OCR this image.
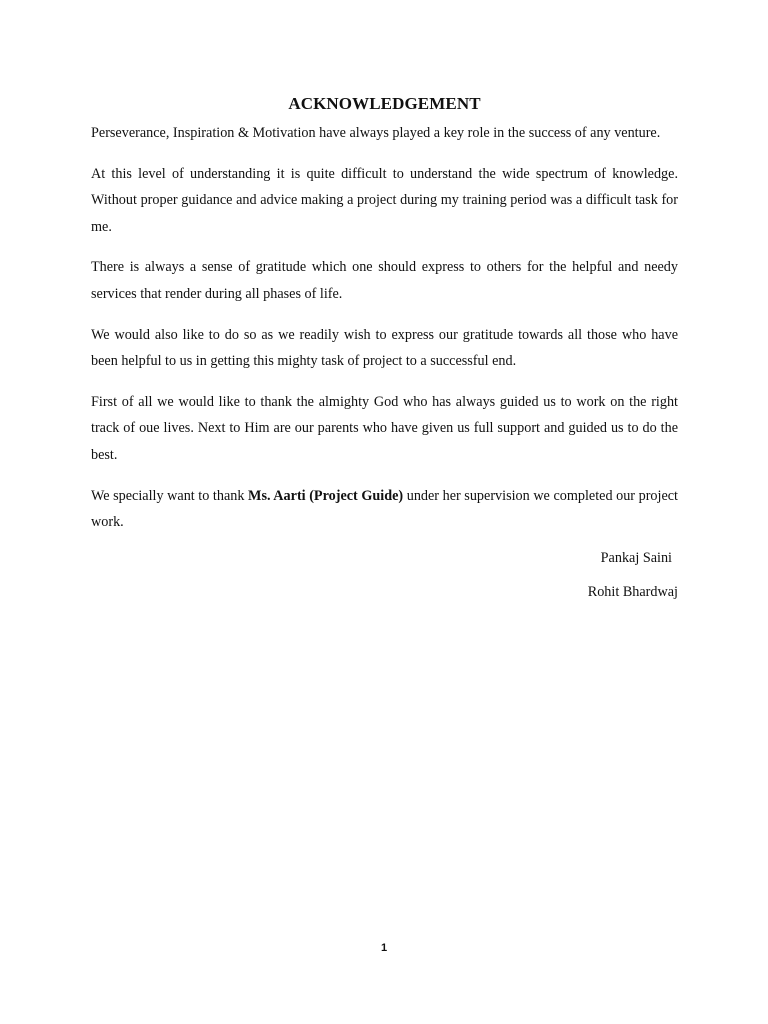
ACKNOWLEDGEMENT

Perseverance, Inspiration & Motivation have always played a key role in the success of any venture.

At this level of understanding it is quite difficult to understand the wide spectrum of knowledge. Without proper guidance and advice making a project during my training period was a difficult task for me.

There is always a sense of gratitude which one should express to others for the helpful and needy services that render during all phases of life.

We would also like to do so as we readily wish to express our gratitude towards all those who have been helpful to us in getting this mighty task of project to a successful end.

First of all we would like to thank the almighty God who has always guided us to work on the right track of oue lives. Next to Him are our parents who have given us full support and guided us to do the best.

We specially want to thank Ms. Aarti (Project Guide) under her supervision we completed our project work.

Pankaj Saini
Rohit Bhardwaj
1
